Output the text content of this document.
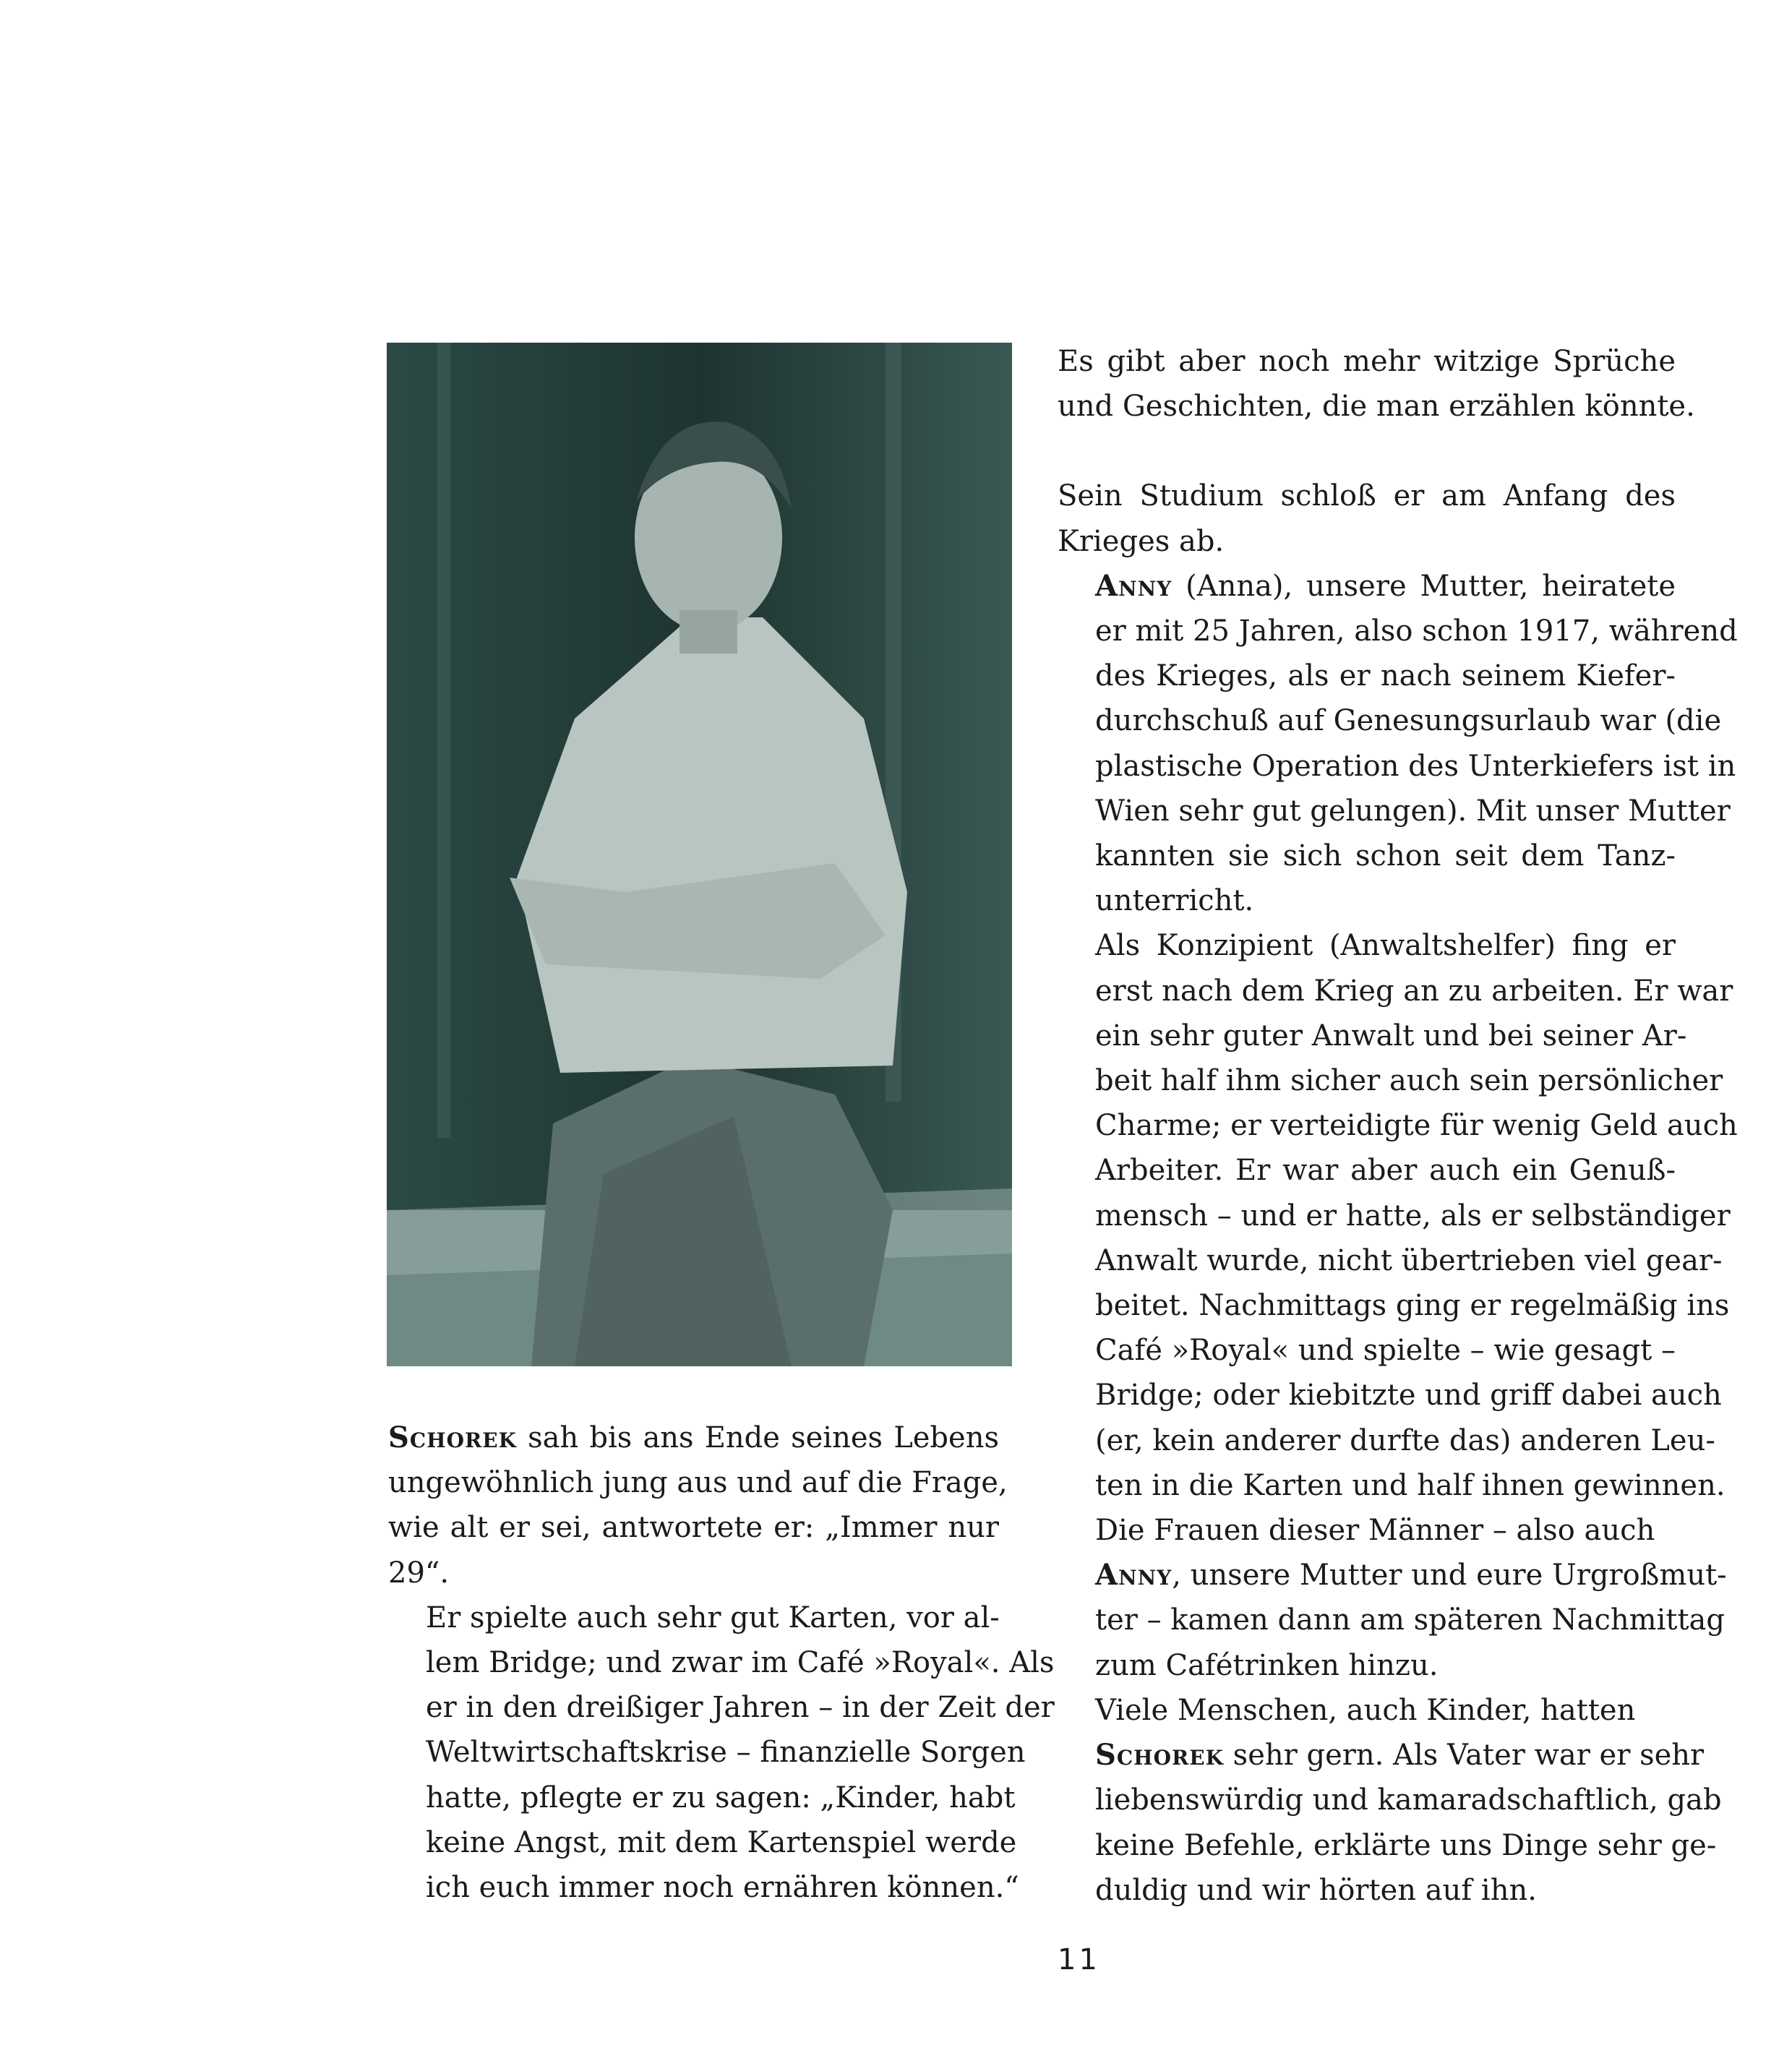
Schorek sah bis ans Ende seines Lebens
ungewöhnlich jung aus und auf die Frage,
wie alt er sei, antwortete er: „Immer nur
29“.

Er spielte auch sehr gut Karten, vor al-
lem Bridge; und zwar im Café »Royal«. Als
er in den dreißiger Jahren – in der Zeit der
Weltwirtschaftskrise – finanzielle Sorgen
hatte, pflegte er zu sagen: „Kinder, habt
keine Angst, mit dem Kartenspiel werde
ich euch immer noch ernähren können.“

Es gibt aber noch mehr witzige Sprüche
und Geschichten, die man erzählen könnte.

Sein Studium schloß er am Anfang des
Krieges ab.

Anny (Anna), unsere Mutter, heiratete
er mit 25 Jahren, also schon 1917, während
des Krieges, als er nach seinem Kiefer-
durchschuß auf Genesungsurlaub war (die
plastische Operation des Unterkiefers ist in
Wien sehr gut gelungen). Mit unser Mutter
kannten sie sich schon seit dem Tanz-
unterricht.

Als Konzipient (Anwaltshelfer) fing er
erst nach dem Krieg an zu arbeiten. Er war
ein sehr guter Anwalt und bei seiner Ar-
beit half ihm sicher auch sein persönlicher
Charme; er verteidigte für wenig Geld auch
Arbeiter. Er war aber auch ein Genuß-
mensch – und er hatte, als er selbständiger
Anwalt wurde, nicht übertrieben viel gear-
beitet. Nachmittags ging er regelmäßig ins
Café »Royal« und spielte – wie gesagt –
Bridge; oder kiebitzte und griff dabei auch
(er, kein anderer durfte das) anderen Leu-
ten in die Karten und half ihnen gewinnen.

Die Frauen dieser Männer – also auch
Anny, unsere Mutter und eure Urgroßmut-
ter – kamen dann am späteren Nachmittag
zum Cafétrinken hinzu.

Viele Menschen, auch Kinder, hatten
Schorek sehr gern. Als Vater war er sehr
liebenswürdig und kamaradschaftlich, gab
keine Befehle, erklärte uns Dinge sehr ge-
duldig und wir hörten auf ihn.

11
